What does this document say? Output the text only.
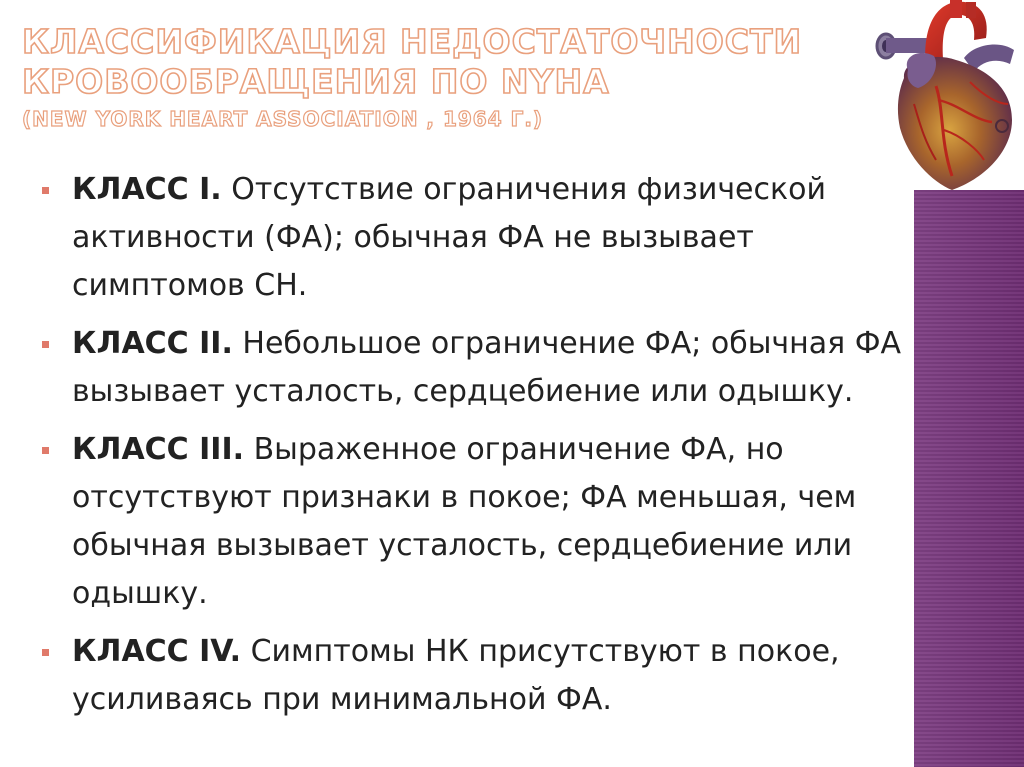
КЛАССИФИКАЦИЯ НЕДОСТАТОЧНОСТИ
КРОВООБРАЩЕНИЯ ПО NYHA
(NEW YORK HEART ASSOCIATION , 1964 Г.)
КЛАСС I. Отсутствие ограничения физической активности (ФА); обычная ФА не вызывает симптомов СН.
КЛАСС II. Небольшое ограничение ФА; обычная ФА вызывает усталость, сердцебиение или одышку.
КЛАСС III. Выраженное ограничение ФА, но отсутствуют признаки в покое; ФА меньшая, чем обычная вызывает усталость, сердцебиение или одышку.
КЛАСС IV. Симптомы НК присутствуют в покое, усиливаясь при минимальной ФА.
